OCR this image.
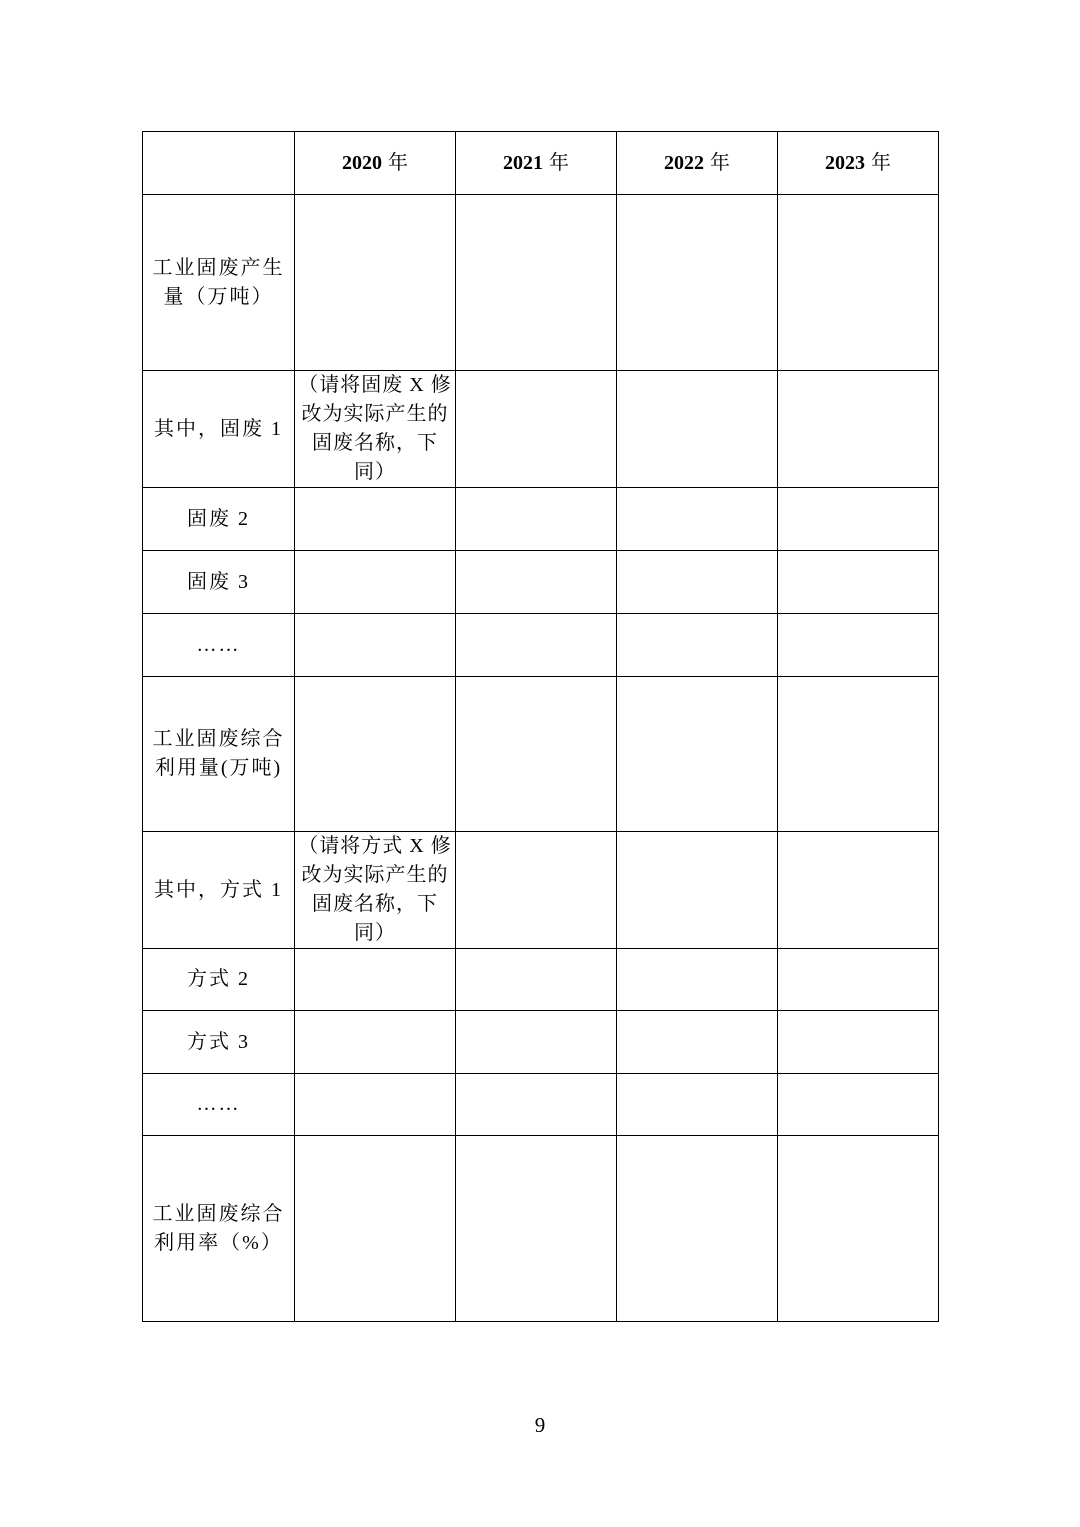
	2020 年	2021 年	2022 年	2023 年
工业固废产生量（万吨）				
其中，固废 1	（请将固废 X 修改为实际产生的固废名称，下同）			
固废 2				
固废 3				
……				
工业固废综合利用量(万吨)				
其中，方式 1	（请将方式 X 修改为实际产生的固废名称，下同）			
方式 2				
方式 3				
……				
工业固废综合利用率（%）				
9
